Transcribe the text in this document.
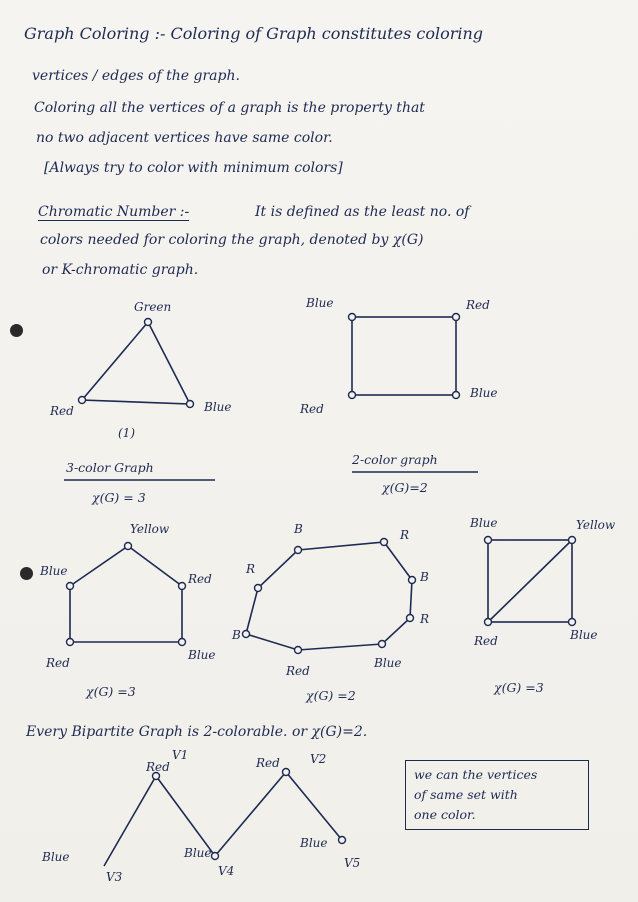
Graph Coloring :- Coloring of Graph constitutes coloring
vertices / edges of the graph.
Coloring all the vertices of a graph is the property that
no two adjacent vertices have same color.
[Always try to color with minimum colors]
Chromatic Number :-	It is defined as the least no. of
colors needed for coloring the graph, denoted by χ(G)
or K-chromatic graph.
Green
Red	Blue
(1)
3-color Graph
χ(G) = 3
Blue	Red
Red
Blue
2-color graph
χ(G)=2
Yellow
Blue
Red
Red
Blue
χ(G) =3
B	R
B
R
Blue
Red
B
R
χ(G) =2
Blue	Yellow
Red	Blue
χ(G) =3
Every Bipartite Graph is 2-colorable. or χ(G)=2.
Red
V1
Red	V2
Blue
V3
Blue
V4
Blue
V5
we can the vertices
of same set with
one color.
